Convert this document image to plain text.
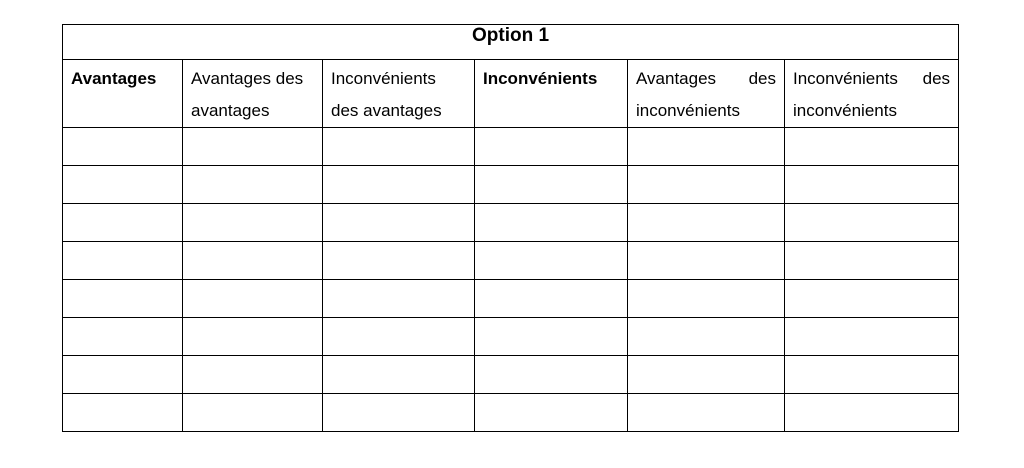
Option 1					

Avantages	Avantages des avantages	Inconvénients des avantages	Inconvénients	Avantages des inconvénients	Inconvénients des inconvénients
